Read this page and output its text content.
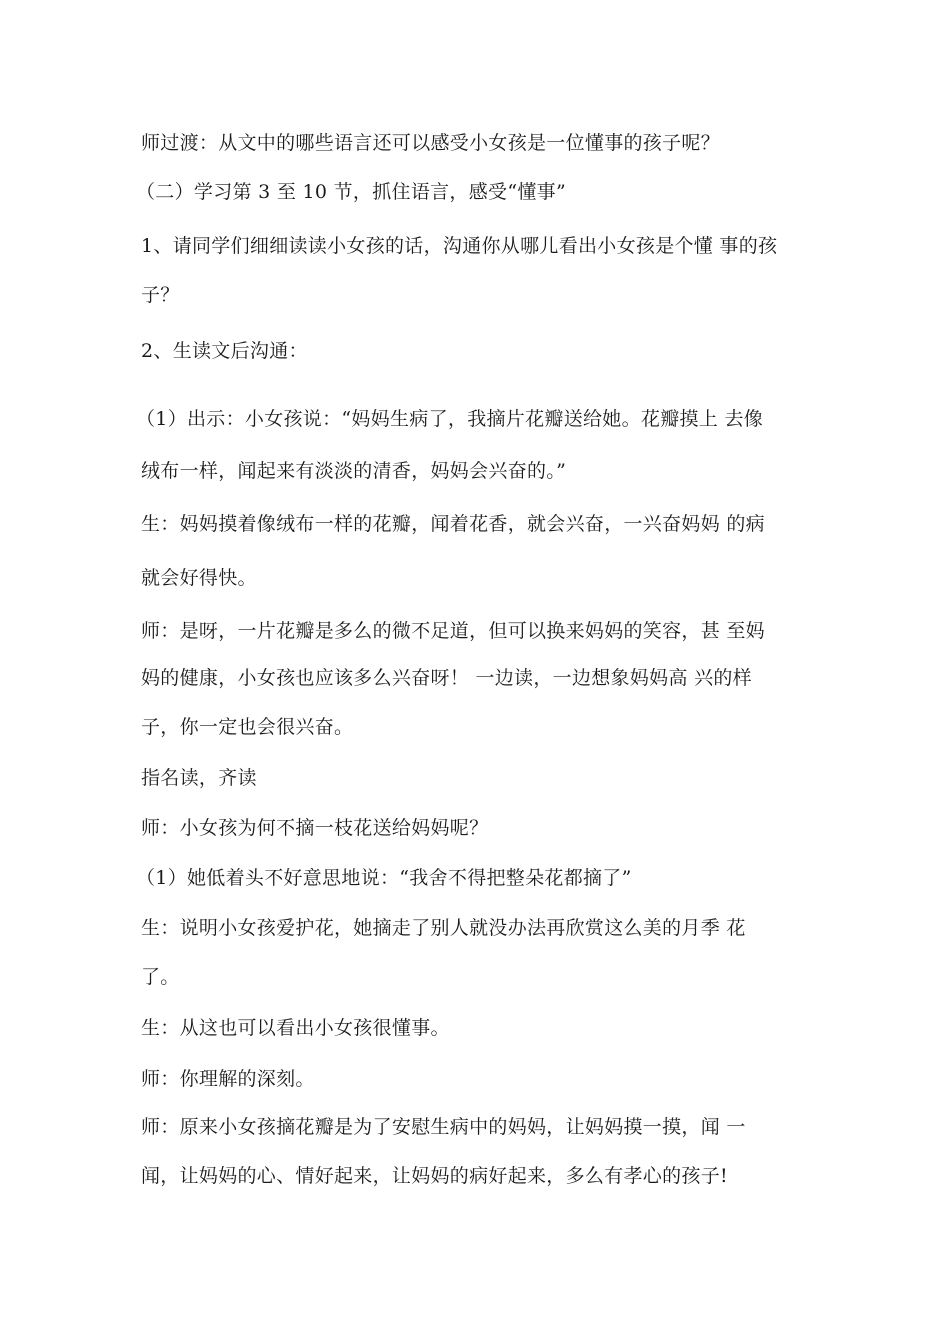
师过渡：从文中的哪些语言还可以感受小女孩是一位懂事的孩子呢？
（二）学习第 3 至 10 节，抓住语言，感受“懂事”
1、请同学们细细读读小女孩的话，沟通你从哪儿看出小女孩是个懂 事的孩
子？
2、生读文后沟通：
（1）出示：小女孩说：“妈妈生病了，我摘片花瓣送给她。花瓣摸上 去像
绒布一样，闻起来有淡淡的清香，妈妈会兴奋的。”
生：妈妈摸着像绒布一样的花瓣，闻着花香，就会兴奋，一兴奋妈妈 的病
就会好得快。
师：是呀，一片花瓣是多么的微不足道，但可以换来妈妈的笑容，甚 至妈
妈的健康，小女孩也应该多么兴奋呀！ 一边读，一边想象妈妈高 兴的样
子，你一定也会很兴奋。
指名读，齐读
师：小女孩为何不摘一枝花送给妈妈呢？
（1）她低着头不好意思地说：“我舍不得把整朵花都摘了”
生：说明小女孩爱护花，她摘走了别人就没办法再欣赏这么美的月季 花
了。
生：从这也可以看出小女孩很懂事。
师：你理解的深刻。
师：原来小女孩摘花瓣是为了安慰生病中的妈妈，让妈妈摸一摸，闻 一
闻，让妈妈的心、情好起来，让妈妈的病好起来，多么有孝心的孩子!
